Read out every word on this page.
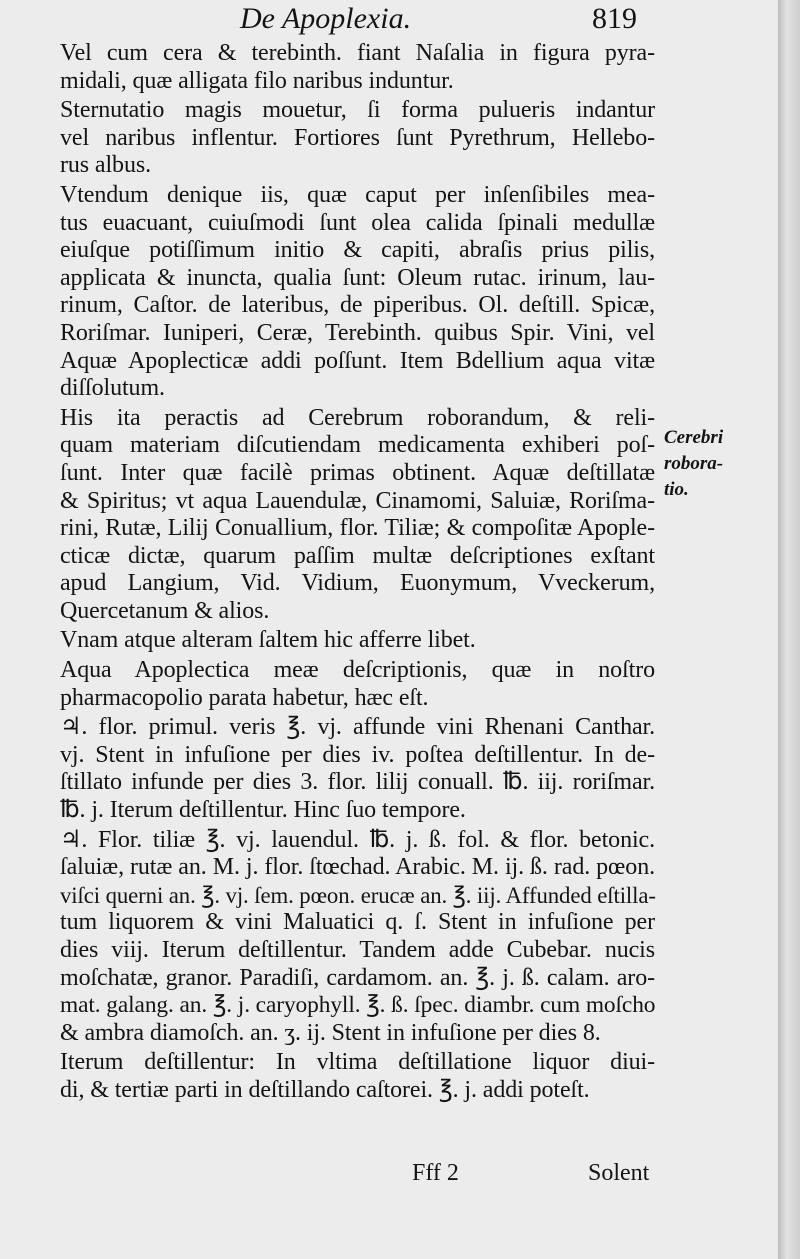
De Apoplexia.	819

Vel cum cera & terebinth. fiant Naſalia in figura pyra-
midali, quæ alligata filo naribus induntur.

Sternutatio magis mouetur, ſi forma pulueris indantur
vel naribus inflentur. Fortiores ſunt Pyrethrum, Hellebo-
rus albus.

Vtendum denique iis, quæ caput per inſenſibiles mea-
tus euacuant, cuiuſmodi ſunt olea calida ſpinali medullæ
eiuſque potiſſimum initio & capiti, abraſis prius pilis,
applicata & inuncta, qualia ſunt: Oleum rutac. irinum, lau-
rinum, Caſtor. de lateribus, de piperibus. Ol. deſtill. Spicæ,
Roriſmar. Iuniperi, Ceræ, Terebinth. quibus Spir. Vini, vel
Aquæ Apoplecticæ addi poſſunt. Item Bdellium aqua vitæ
diſſolutum.

His ita peractis ad Cerebrum roborandum, & reli-
quam materiam diſcutiendam medicamenta exhiberi poſ-
ſunt. Inter quæ facilè primas obtinent. Aquæ deſtillatæ
& Spiritus; vt aqua Lauendulæ, Cinamomi, Saluiæ, Roriſma-
rini, Rutæ, Lilij Conuallium, flor. Tiliæ; & compoſitæ Apople-
cticæ dictæ, quarum paſſim multæ deſcriptiones exſtant
apud Langium, Vid. Vidium, Euonymum, Vveckerum,
Quercetanum & alios.

Vnam atque alteram ſaltem hic afferre libet.

Aqua Apoplectica meæ deſcriptionis, quæ in noſtro
pharmacopolio parata habetur, hæc eſt.

♃. flor. primul. veris ℥. vj. affunde vini Rhenani Canthar.
vj. Stent in infuſione per dies iv. poſtea deſtillentur. In de-
ſtillato infunde per dies 3. flor. lilij conuall. ℔. iij. roriſmar.
℔. j. Iterum deſtillentur. Hinc ſuo tempore.

♃. Flor. tiliæ ℥. vj. lauendul. ℔. j. ß. fol. & flor. betonic.
ſaluiæ, rutæ an. M. j. flor. ſtœchad. Arabic. M. ij. ß. rad. pœon.
viſci querni an. ℥. vj. ſem. pœon. erucæ an. ℥. iij. Affunded eſtilla-
tum liquorem & vini Maluatici q. ſ. Stent in infuſione per
dies viij. Iterum deſtillentur. Tandem adde Cubebar. nucis
moſchatæ, granor. Paradiſi, cardamom. an. ℥. j. ß. calam. aro-
mat. galang. an. ℥. j. caryophyll. ℥. ß. ſpec. diambr. cum moſcho
& ambra diamoſch. an. ʒ. ij. Stent in infuſione per dies 8.

Iterum deſtillentur: In vltima deſtillatione liquor diui-
di, & tertiæ parti in deſtillando caſtorei. ℥. j. addi poteſt.

Cerebri
robora-
tio.
Fff 2	Solent
